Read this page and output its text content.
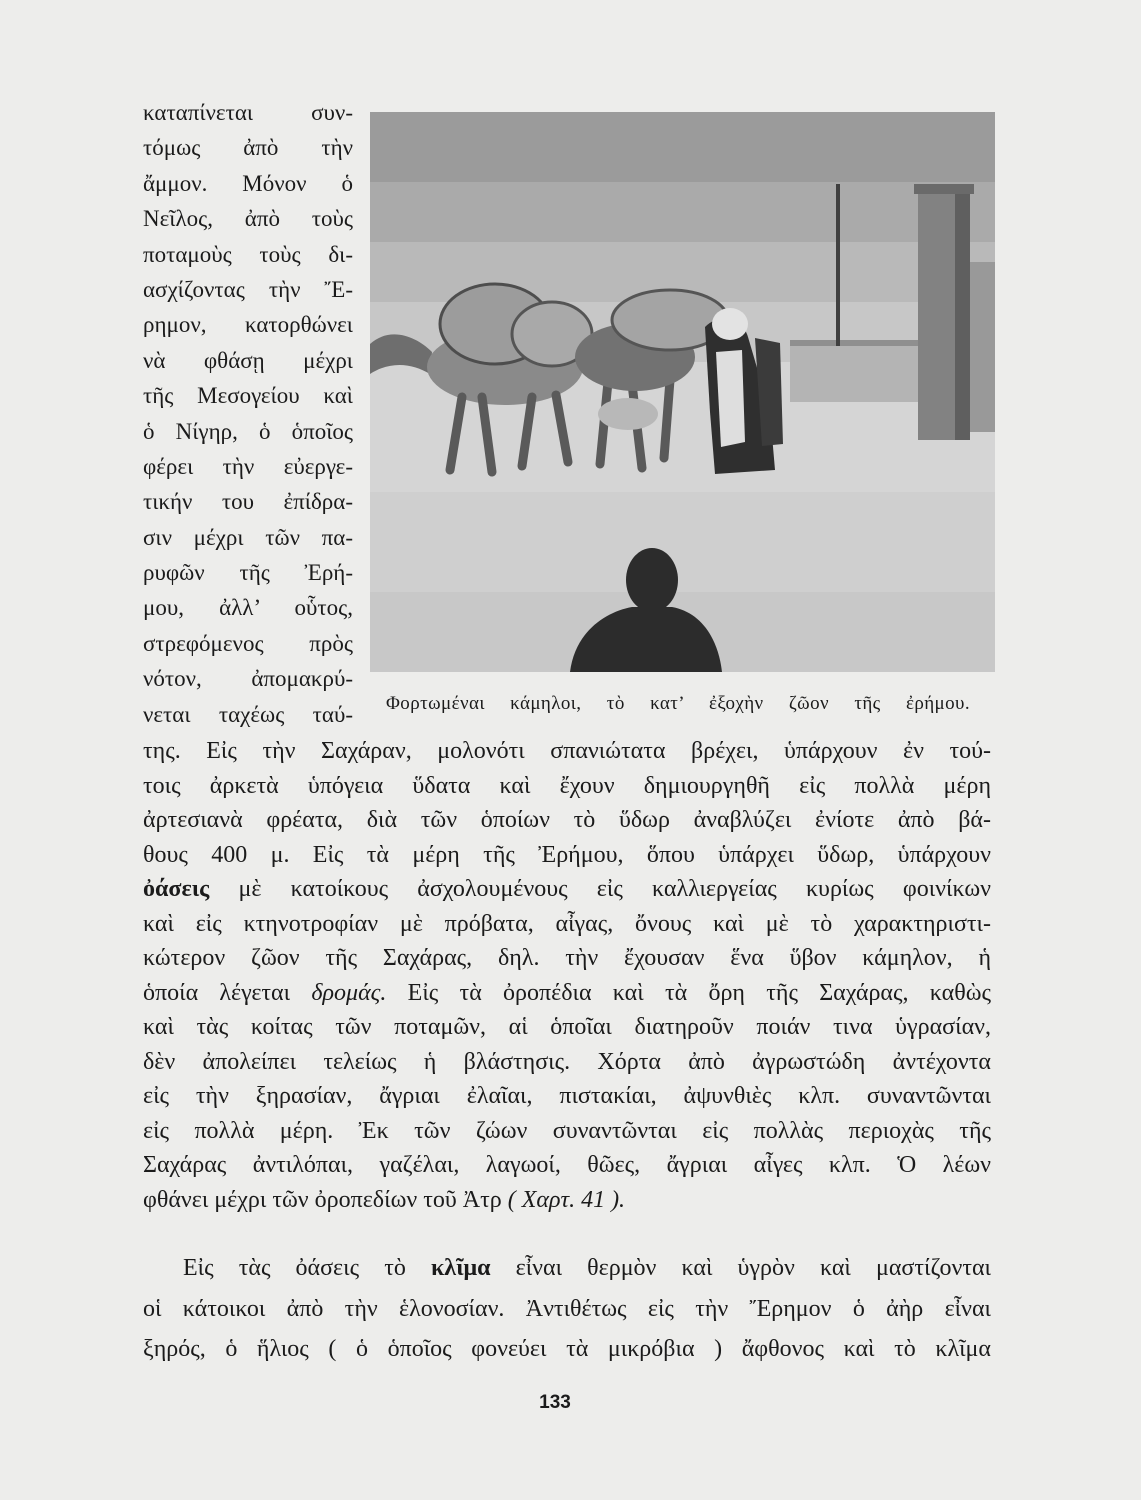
καταπίνεται συν-
τόμως ἀπὸ τὴν
ἄμμον. Μόνον ὁ
Νεῖλος, ἀπὸ τοὺς
ποταμοὺς τοὺς δι-
ασχίζοντας τὴν Ἔ-
ρημον, κατορθώνει
νὰ φθάσῃ μέχρι
τῆς Μεσογείου καὶ
ὁ Νίγηρ, ὁ ὁποῖος
φέρει τὴν εὐεργε-
τικήν του ἐπίδρα-
σιν μέχρι τῶν πα-
ρυφῶν τῆς Ἐρή-
μου, ἀλλ’ οὗτος,
στρεφόμενος πρὸς
νότον, ἀπομακρύ-
νεται ταχέως ταύ- Φορτωμέναι κάμηλοι, τὸ κατ’ ἐξοχὴν ζῶον τῆς ἐρήμου.
της. Εἰς τὴν Σαχάραν, μολονότι σπανιώτατα βρέχει, ὑπάρχουν ἐν τού-
τοις ἀρκετὰ ὑπόγεια ὕδατα καὶ ἔχουν δημιουργηθῆ εἰς πολλὰ μέρη
ἀρτεσιανὰ φρέατα, διὰ τῶν ὁποίων τὸ ὕδωρ ἀναβλύζει ἐνίοτε ἀπὸ βά-
θους 400 μ. Εἰς τὰ μέρη τῆς Ἐρήμου, ὅπου ὑπάρχει ὕδωρ, ὑπάρχουν
ὀάσεις μὲ κατοίκους ἀσχολουμένους εἰς καλλιεργείας κυρίως φοινίκων
καὶ εἰς κτηνοτροφίαν μὲ πρόβατα, αἶγας, ὄνους καὶ μὲ τὸ χαρακτηριστι-
κώτερον ζῶον τῆς Σαχάρας, δηλ. τὴν ἔχουσαν ἕνα ὕβον κάμηλον, ἡ
ὁποία λέγεται δρομάς. Εἰς τὰ ὀροπέδια καὶ τὰ ὄρη τῆς Σαχάρας, καθὼς
καὶ τὰς κοίτας τῶν ποταμῶν, αἱ ὁποῖαι διατηροῦν ποιάν τινα ὑγρασίαν,
δὲν ἀπολείπει τελείως ἡ βλάστησις. Χόρτα ἀπὸ ἀγρωστώδη ἀντέχοντα
εἰς τὴν ξηρασίαν, ἄγριαι ἐλαῖαι, πιστακίαι, ἀψυνθιὲς κλπ. συναντῶνται
εἰς πολλὰ μέρη. Ἐκ τῶν ζώων συναντῶνται εἰς πολλὰς περιοχὰς τῆς
Σαχάρας ἀντιλόπαι, γαζέλαι, λαγωοί, θῶες, ἄγριαι αἶγες κλπ. Ὁ λέων
φθάνει μέχρι τῶν ὀροπεδίων τοῦ Ἀτρ ( Χαρτ. 41 ).
Εἰς τὰς ὀάσεις τὸ κλῖμα εἶναι θερμὸν καὶ ὑγρὸν καὶ μαστίζονται
οἱ κάτοικοι ἀπὸ τὴν ἑλονοσίαν. Ἀντιθέτως εἰς τὴν Ἔρημον ὁ ἀὴρ εἶναι
ξηρός, ὁ ἥλιος ( ὁ ὁποῖος φονεύει τὰ μικρόβια ) ἄφθονος καὶ τὸ κλῖμα
133
